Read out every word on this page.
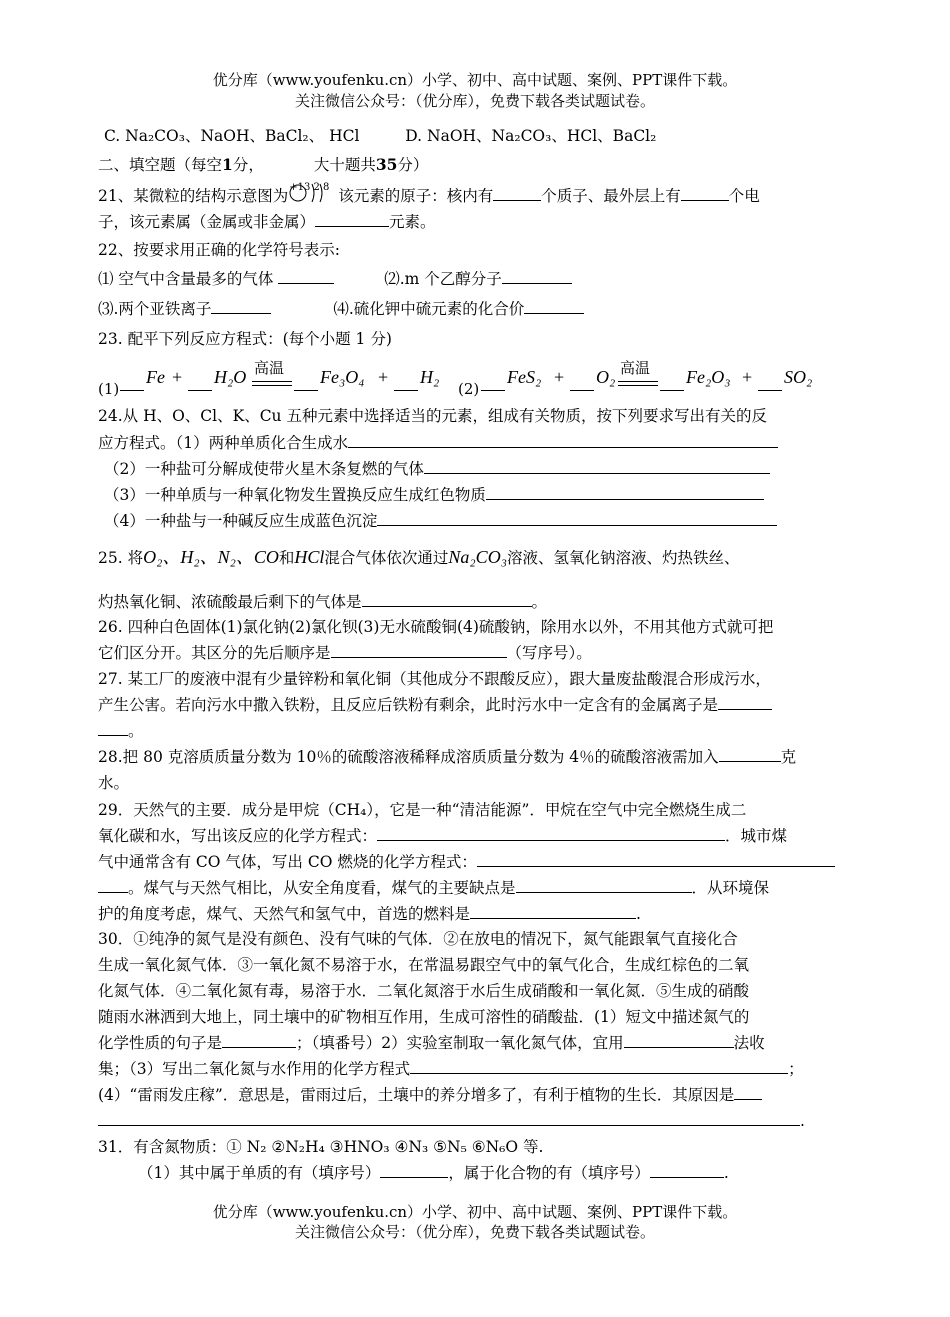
优分库（www.youfenku.cn）小学、初中、高中试题、案例、PPT课件下载。
关注微信公众号：（优分库），免费下载各类试题试卷。
C. Na₂CO₃、NaOH、BaCl₂、 HCl	D. NaOH、Na₂CO₃、HCl、BaCl₂
二、填空题（每空1分，	大十题共35分）
21、某微粒的结构示意图为 +13 2 8 该元素的原子：核内有	个质子、最外层上有	个电
子，该元素属（金属或非金属）	元素。
22、按要求用正确的化学符号表示:
⑴ 空气中含量最多的气体	⑵.m 个乙醇分子
⑶.两个亚铁离子	⑷.硫化钾中硫元素的化合价
23. 配平下列反应方程式：(每个小题 1 分)
(1)
Fe + H₂O 高温 Fe₃O₄ + H₂
(2)
FeS₂ + O₂ 高温 Fe₂O₃ + SO₂
24.从 H、O、Cl、K、Cu 五种元素中选择适当的元素，组成有关物质，按下列要求写出有关的反
应方程式。（1）两种单质化合生成水
（2）一种盐可分解成使带火星木条复燃的气体
（3）一种单质与一种氧化物发生置换反应生成红色物质
（4）一种盐与一种碱反应生成蓝色沉淀
25. 将O₂、H₂、N₂、CO和HCl混合气体依次通过Na₂CO₃溶液、氢氧化钠溶液、灼热铁丝、
灼热氧化铜、浓硫酸最后剩下的气体是	。
26. 四种白色固体(1)氯化钠(2)氯化钡(3)无水硫酸铜(4)硫酸钠，除用水以外，不用其他方式就可把
它们区分开。其区分的先后顺序是	（写序号）。
27. 某工厂的废液中混有少量锌粉和氧化铜（其他成分不跟酸反应），跟大量废盐酸混合形成污水，
产生公害。若向污水中撒入铁粉，且反应后铁粉有剩余，此时污水中一定含有的金属离子是
。
28.把 80 克溶质质量分数为 10％的硫酸溶液稀释成溶质质量分数为 4％的硫酸溶液需加入	克
水。
29．天然气的主要．成分是甲烷（CH₄），它是一种“清洁能源”．甲烷在空气中完全燃烧生成二
氧化碳和水，写出该反应的化学方程式：	．城市煤
气中通常含有 CO 气体，写出 CO 燃烧的化学方程式：
。煤气与天然气相比，从安全角度看，煤气的主要缺点是	．从环境保
护的角度考虑，煤气、天然气和氢气中，首选的燃料是	.
30．①纯净的氮气是没有颜色、没有气味的气体．②在放电的情况下，氮气能跟氧气直接化合
生成一氧化氮气体．③一氧化氮不易溶于水，在常温易跟空气中的氧气化合，生成红棕色的二氧
化氮气体．④二氧化氮有毒，易溶于水．二氧化氮溶于水后生成硝酸和一氧化氮．⑤生成的硝酸
随雨水淋洒到大地上，同土壤中的矿物相互作用，生成可溶性的硝酸盐．(1）短文中描述氮气的
化学性质的句子是	；（填番号）2）实验室制取一氧化氮气体，宜用	法收
集；（3）写出二氧化氮与水作用的化学方程式	；
(4）“雷雨发庄稼”．意思是，雷雨过后，土壤中的养分增多了，有利于植物的生长．其原因是
.
31．有含氮物质：① N₂ ②N₂H₄ ③HNO₃ ④N₃ ⑤N₅ ⑥N₆O 等.
（1）其中属于单质的有（填序号）	，属于化合物的有（填序号）	.
优分库（www.youfenku.cn）小学、初中、高中试题、案例、PPT课件下载。
关注微信公众号：（优分库），免费下载各类试题试卷。
